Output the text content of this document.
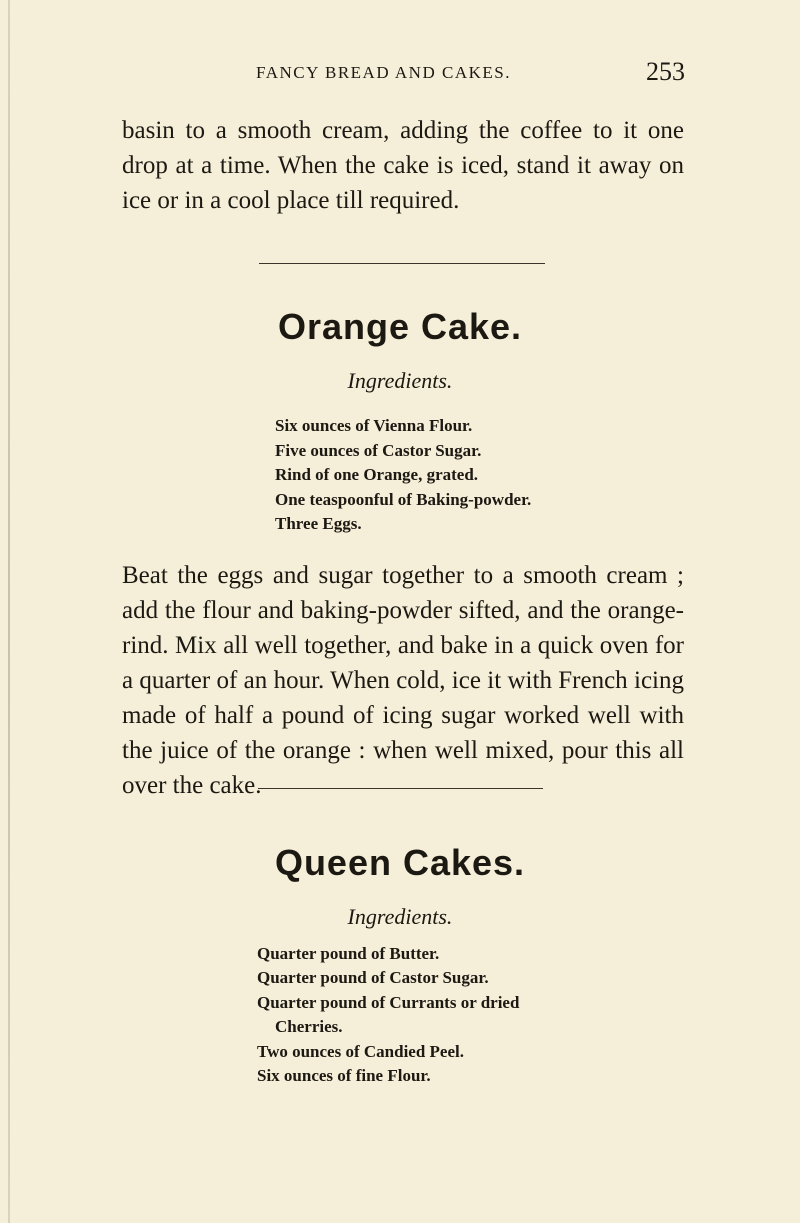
FANCY BREAD AND CAKES.	253

basin to a smooth cream, adding the coffee to it one drop at a time. When the cake is iced, stand it away on ice or in a cool place till required.

Orange Cake.
Ingredients.
Six ounces of Vienna Flour.
Five ounces of Castor Sugar.
Rind of one Orange, grated.
One teaspoonful of Baking-powder.
Three Eggs.

Beat the eggs and sugar together to a smooth cream ; add the flour and baking-powder sifted, and the orange-rind. Mix all well together, and bake in a quick oven for a quarter of an hour. When cold, ice it with French icing made of half a pound of icing sugar worked well with the juice of the orange : when well mixed, pour this all over the cake.

Queen Cakes.
Ingredients.
Quarter pound of Butter.
Quarter pound of Castor Sugar.
Quarter pound of Currants or dried
Cherries.
Two ounces of Candied Peel.
Six ounces of fine Flour.
